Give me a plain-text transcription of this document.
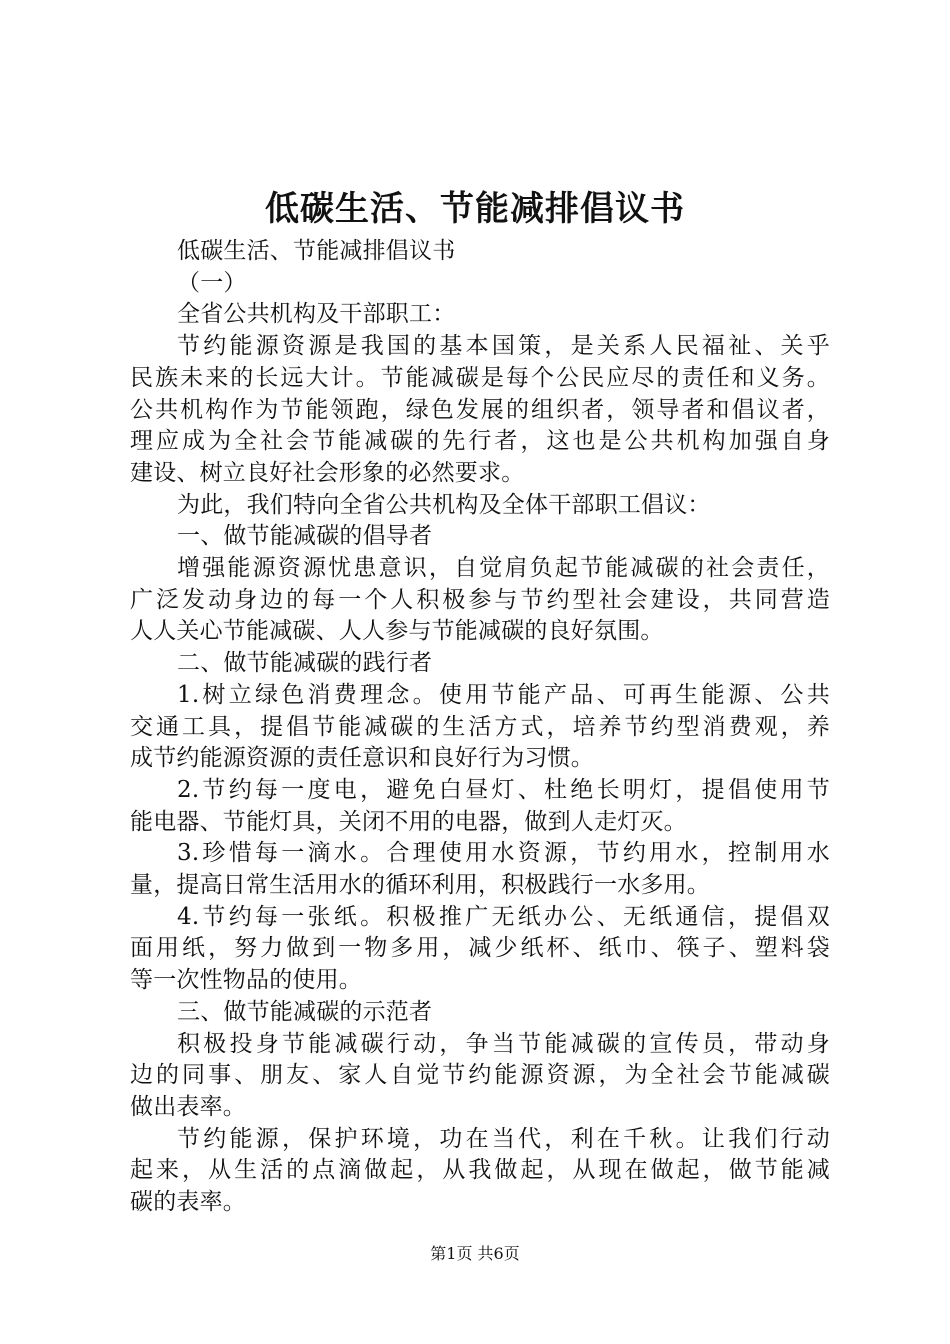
低碳生活、节能减排倡议书

低碳生活、节能减排倡议书

（一）

全省公共机构及干部职工：

节约能源资源是我国的基本国策，是关系人民福祉、关乎

民族未来的长远大计。节能减碳是每个公民应尽的责任和义务。

公共机构作为节能领跑，绿色发展的组织者，领导者和倡议者，

理应成为全社会节能减碳的先行者，这也是公共机构加强自身

建设、树立良好社会形象的必然要求。

为此，我们特向全省公共机构及全体干部职工倡议：

一、做节能减碳的倡导者

增强能源资源忧患意识，自觉肩负起节能减碳的社会责任，

广泛发动身边的每一个人积极参与节约型社会建设，共同营造

人人关心节能减碳、人人参与节能减碳的良好氛围。

二、做节能减碳的践行者

1.树立绿色消费理念。使用节能产品、可再生能源、公共

交通工具，提倡节能减碳的生活方式，培养节约型消费观，养

成节约能源资源的责任意识和良好行为习惯。

2.节约每一度电，避免白昼灯、杜绝长明灯，提倡使用节

能电器、节能灯具，关闭不用的电器，做到人走灯灭。

3.珍惜每一滴水。合理使用水资源，节约用水，控制用水

量，提高日常生活用水的循环利用，积极践行一水多用。

4.节约每一张纸。积极推广无纸办公、无纸通信，提倡双

面用纸，努力做到一物多用，减少纸杯、纸巾、筷子、塑料袋

等一次性物品的使用。

三、做节能减碳的示范者

积极投身节能减碳行动，争当节能减碳的宣传员，带动身

边的同事、朋友、家人自觉节约能源资源，为全社会节能减碳

做出表率。

节约能源，保护环境，功在当代，利在千秋。让我们行动

起来，从生活的点滴做起，从我做起，从现在做起，做节能减

碳的表率。

第1页 共6页
